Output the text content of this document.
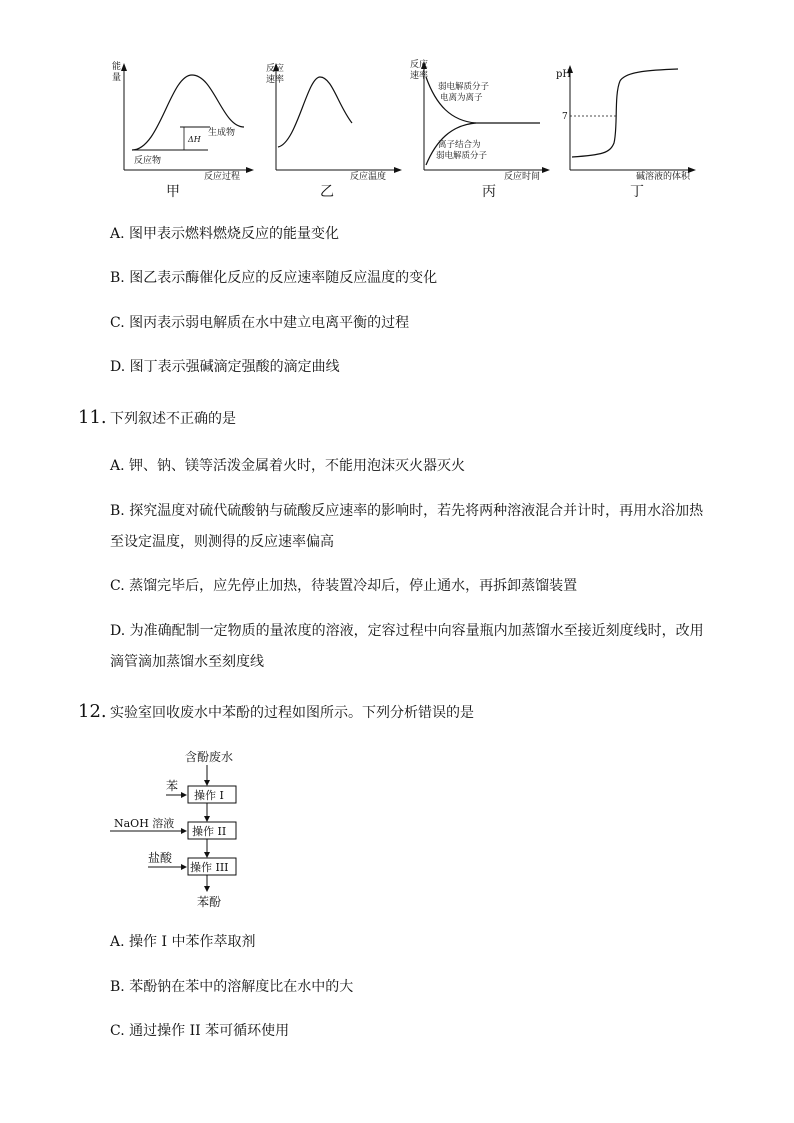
能
量
ΔH
生成物
反应物
反应过程
甲
反应
速率
反应温度
乙
反应
速率
弱电解质分子
电离为离子
离子结合为
弱电解质分子
反应时间
丙
pH
7
碱溶液的体积
丁
A. 图甲表示燃料燃烧反应的能量变化
B. 图乙表示酶催化反应的反应速率随反应温度的变化
C. 图丙表示弱电解质在水中建立电离平衡的过程
D. 图丁表示强碱滴定强酸的滴定曲线
11. 下列叙述不正确的是
A. 钾、钠、镁等活泼金属着火时，不能用泡沫灭火器灭火
B. 探究温度对硫代硫酸钠与硫酸反应速率的影响时，若先将两种溶液混合并计时，再用水浴加热
至设定温度，则测得的反应速率偏高
C. 蒸馏完毕后，应先停止加热，待装置冷却后，停止通水，再拆卸蒸馏装置
D. 为准确配制一定物质的量浓度的溶液，定容过程中向容量瓶内加蒸馏水至接近刻度线时，改用
滴管滴加蒸馏水至刻度线
12. 实验室回收废水中苯酚的过程如图所示。下列分析错误的是
含酚废水
苯
操作 I
NaOH 溶液
操作 II
盐酸
操作 III
苯酚
A. 操作 I 中苯作萃取剂
B. 苯酚钠在苯中的溶解度比在水中的大
C. 通过操作 II 苯可循环使用
